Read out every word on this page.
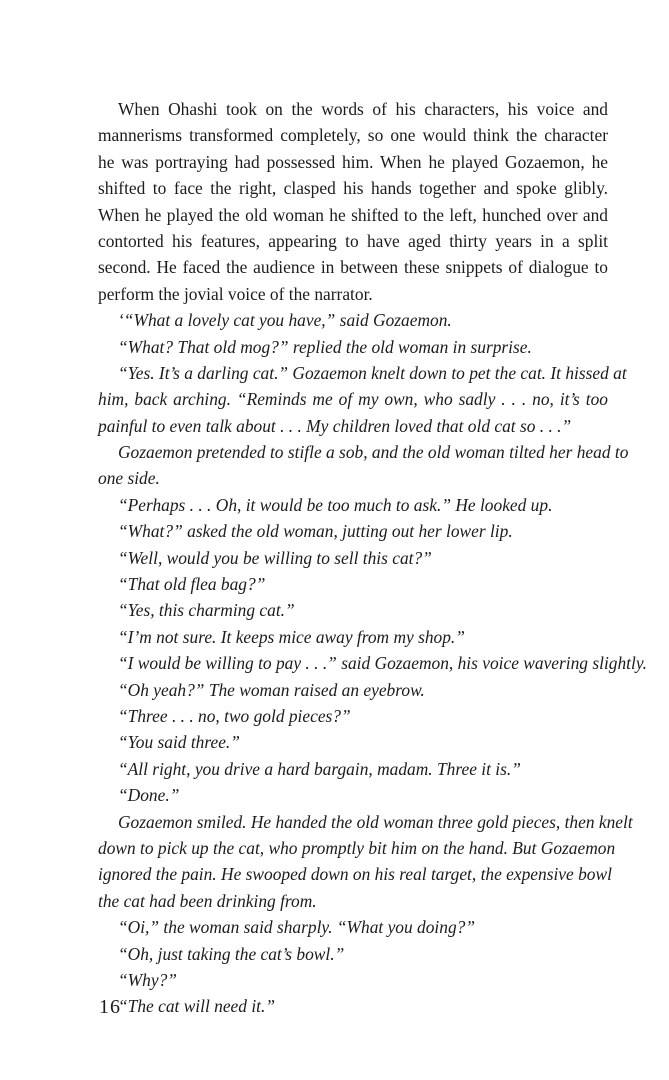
When Ohashi took on the words of his characters, his voice and
mannerisms transformed completely, so one would think the character
he was portraying had possessed him. When he played Gozaemon, he
shifted to face the right, clasped his hands together and spoke glibly.
When he played the old woman he shifted to the left, hunched over and
contorted his features, appearing to have aged thirty years in a split
second. He faced the audience in between these snippets of dialogue to
perform the jovial voice of the narrator.
‘“What a lovely cat you have,” said Gozaemon.
“What? That old mog?” replied the old woman in surprise.
“Yes. It’s a darling cat.” Gozaemon knelt down to pet the cat. It hissed at
him, back arching. “Reminds me of my own, who sadly . . . no, it’s too
painful to even talk about . . . My children loved that old cat so . . .”
Gozaemon pretended to stifle a sob, and the old woman tilted her head to
one side.
“Perhaps . . . Oh, it would be too much to ask.” He looked up.
“What?” asked the old woman, jutting out her lower lip.
“Well, would you be willing to sell this cat?”
“That old flea bag?”
“Yes, this charming cat.”
“I’m not sure. It keeps mice away from my shop.”
“I would be willing to pay . . .” said Gozaemon, his voice wavering slightly.
“Oh yeah?” The woman raised an eyebrow.
“Three . . . no, two gold pieces?”
“You said three.”
“All right, you drive a hard bargain, madam. Three it is.”
“Done.”
Gozaemon smiled. He handed the old woman three gold pieces, then knelt
down to pick up the cat, who promptly bit him on the hand. But Gozaemon
ignored the pain. He swooped down on his real target, the expensive bowl
the cat had been drinking from.
“Oi,” the woman said sharply. “What you doing?”
“Oh, just taking the cat’s bowl.”
“Why?”
“The cat will need it.”
16
